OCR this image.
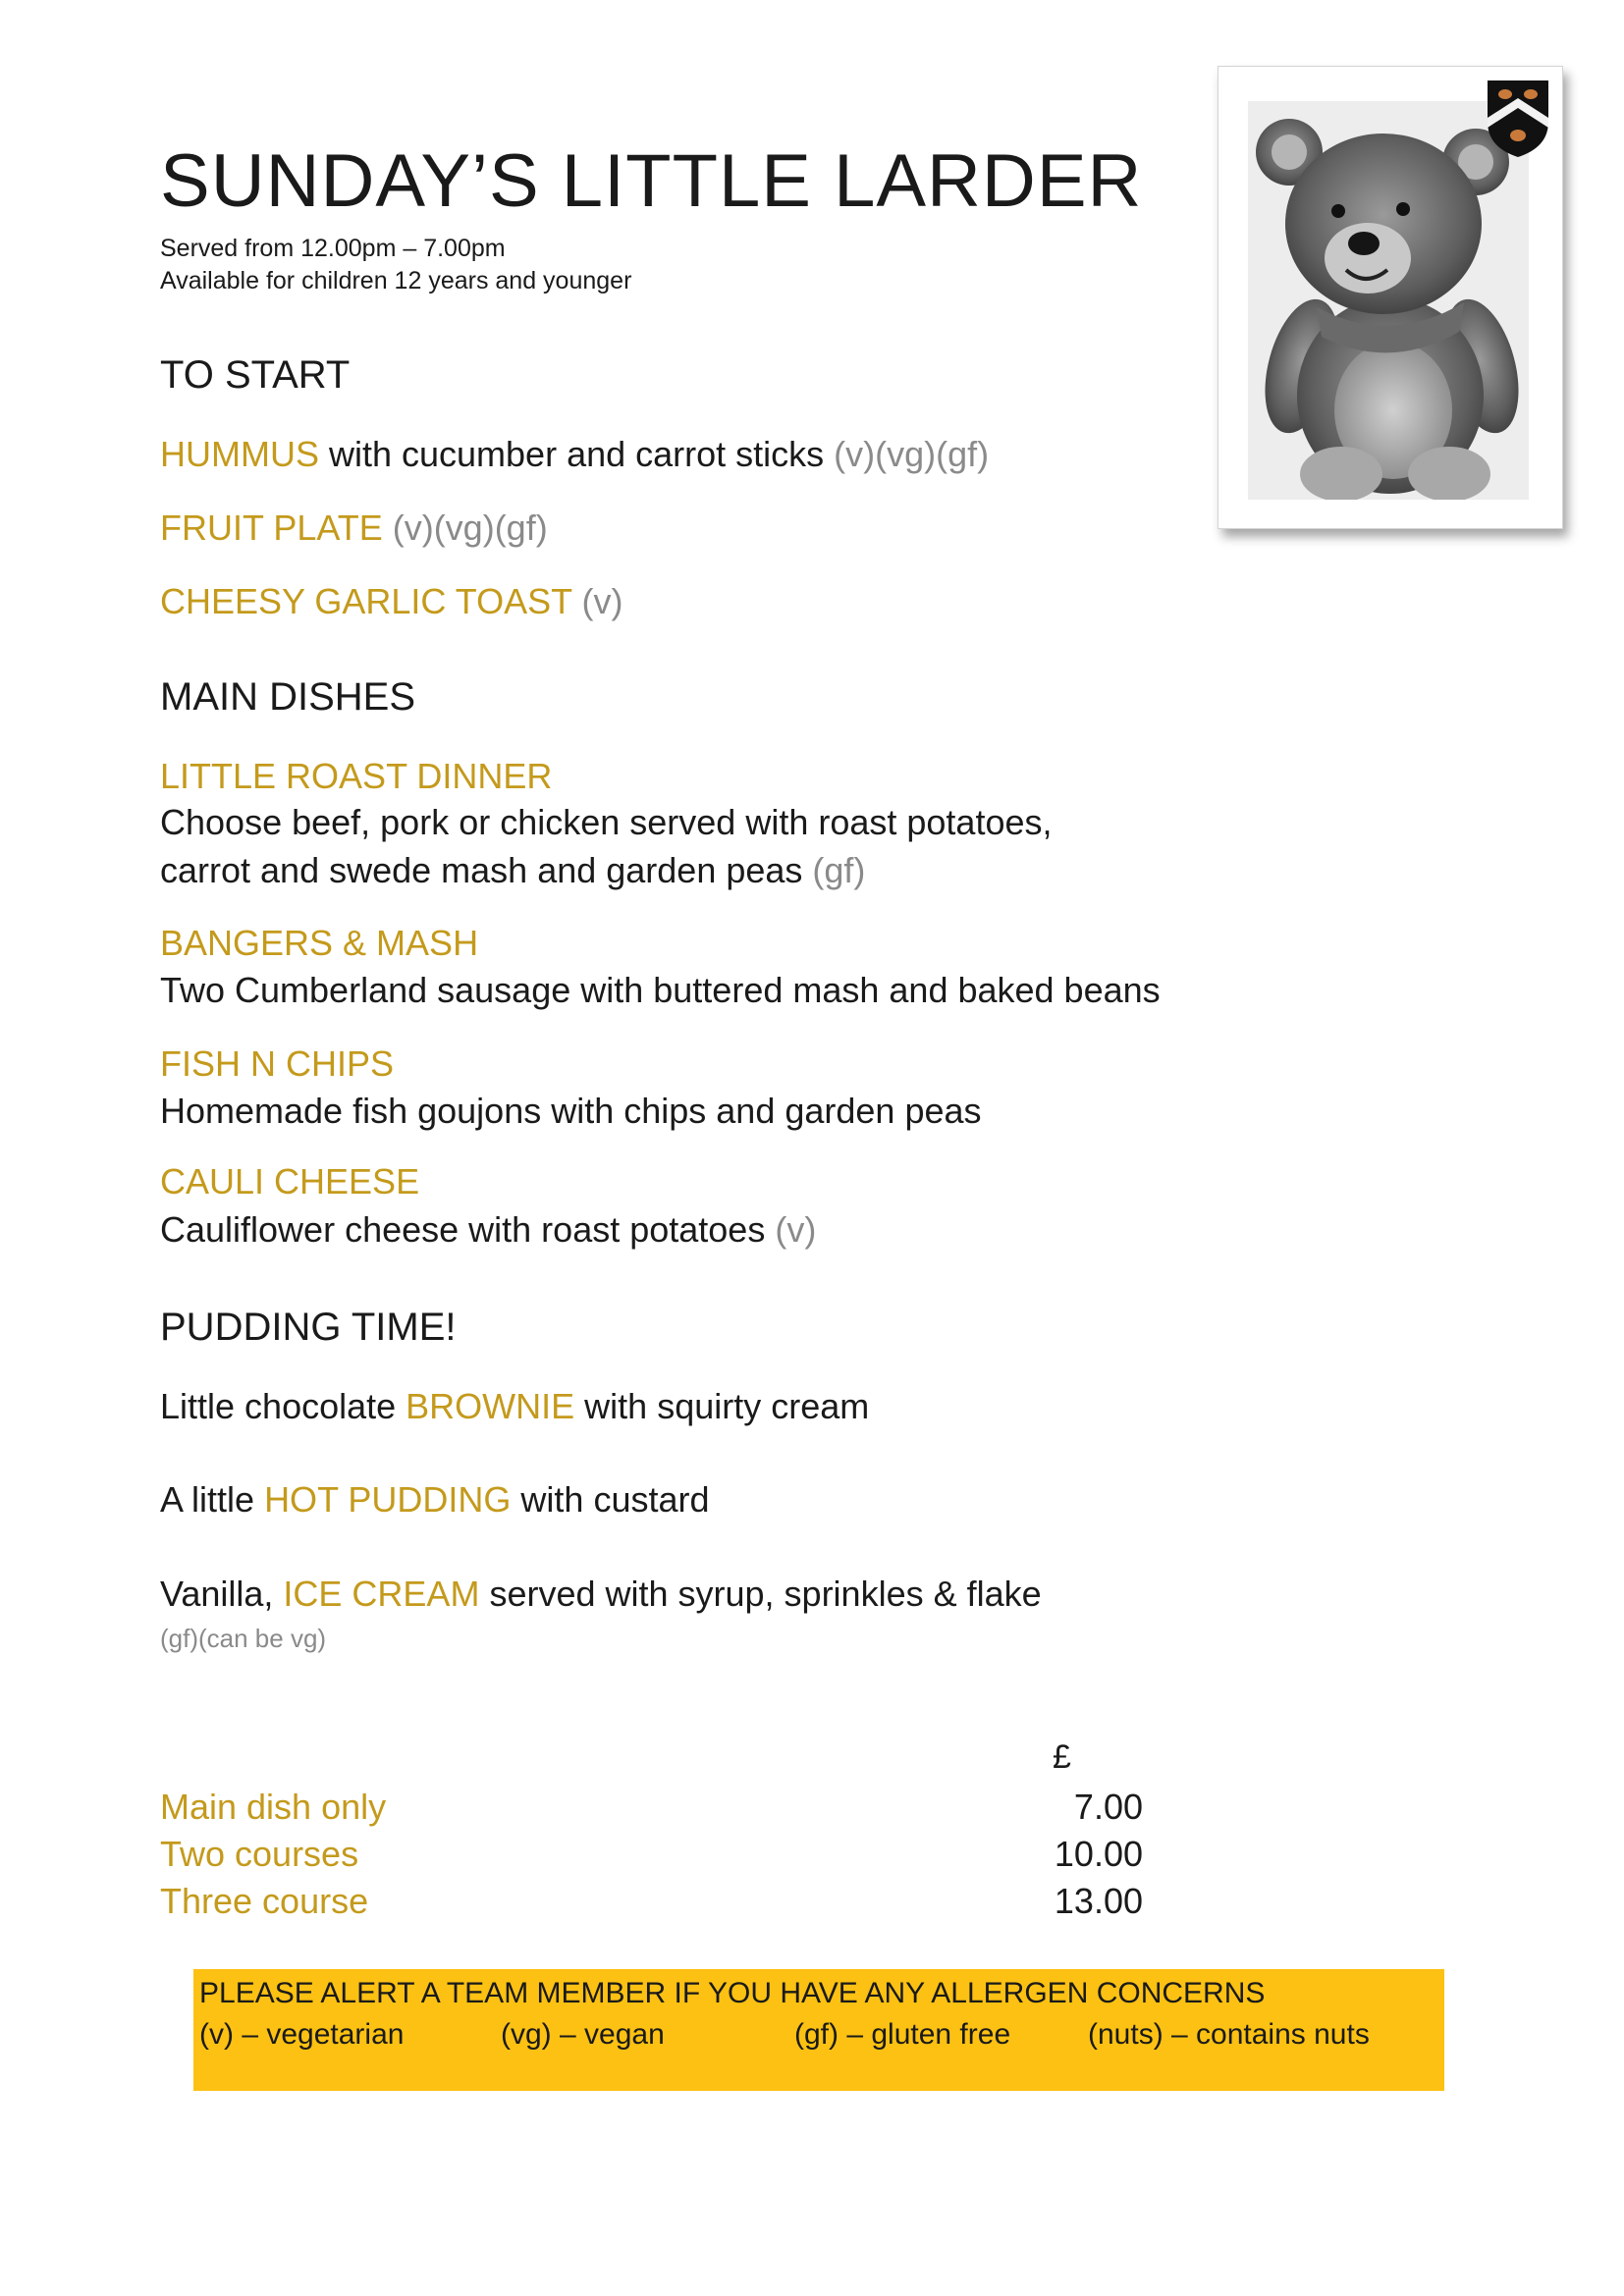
SUNDAY’S LITTLE LARDER
Served from 12.00pm – 7.00pm
Available for children 12 years and younger
TO START
HUMMUS with cucumber and carrot sticks (v)(vg)(gf)
FRUIT PLATE (v)(vg)(gf)
CHEESY GARLIC TOAST (v)
MAIN DISHES
LITTLE ROAST DINNER
Choose beef, pork or chicken served with roast potatoes,
carrot and swede mash and garden peas (gf)
BANGERS & MASH
Two Cumberland sausage with buttered mash and baked beans
FISH N CHIPS
Homemade fish goujons with chips and garden peas
CAULI CHEESE
Cauliflower cheese with roast potatoes (v)
PUDDING TIME!
Little chocolate BROWNIE with squirty cream
A little HOT PUDDING with custard
Vanilla, ICE CREAM served with syrup, sprinkles & flake
(gf)(can be vg)
£
Main dish only	7.00
Two courses	10.00
Three course	13.00
PLEASE ALERT A TEAM MEMBER IF YOU HAVE ANY ALLERGEN CONCERNS
(v) – vegetarian	(vg) – vegan	(gf) – gluten free	(nuts) – contains nuts
